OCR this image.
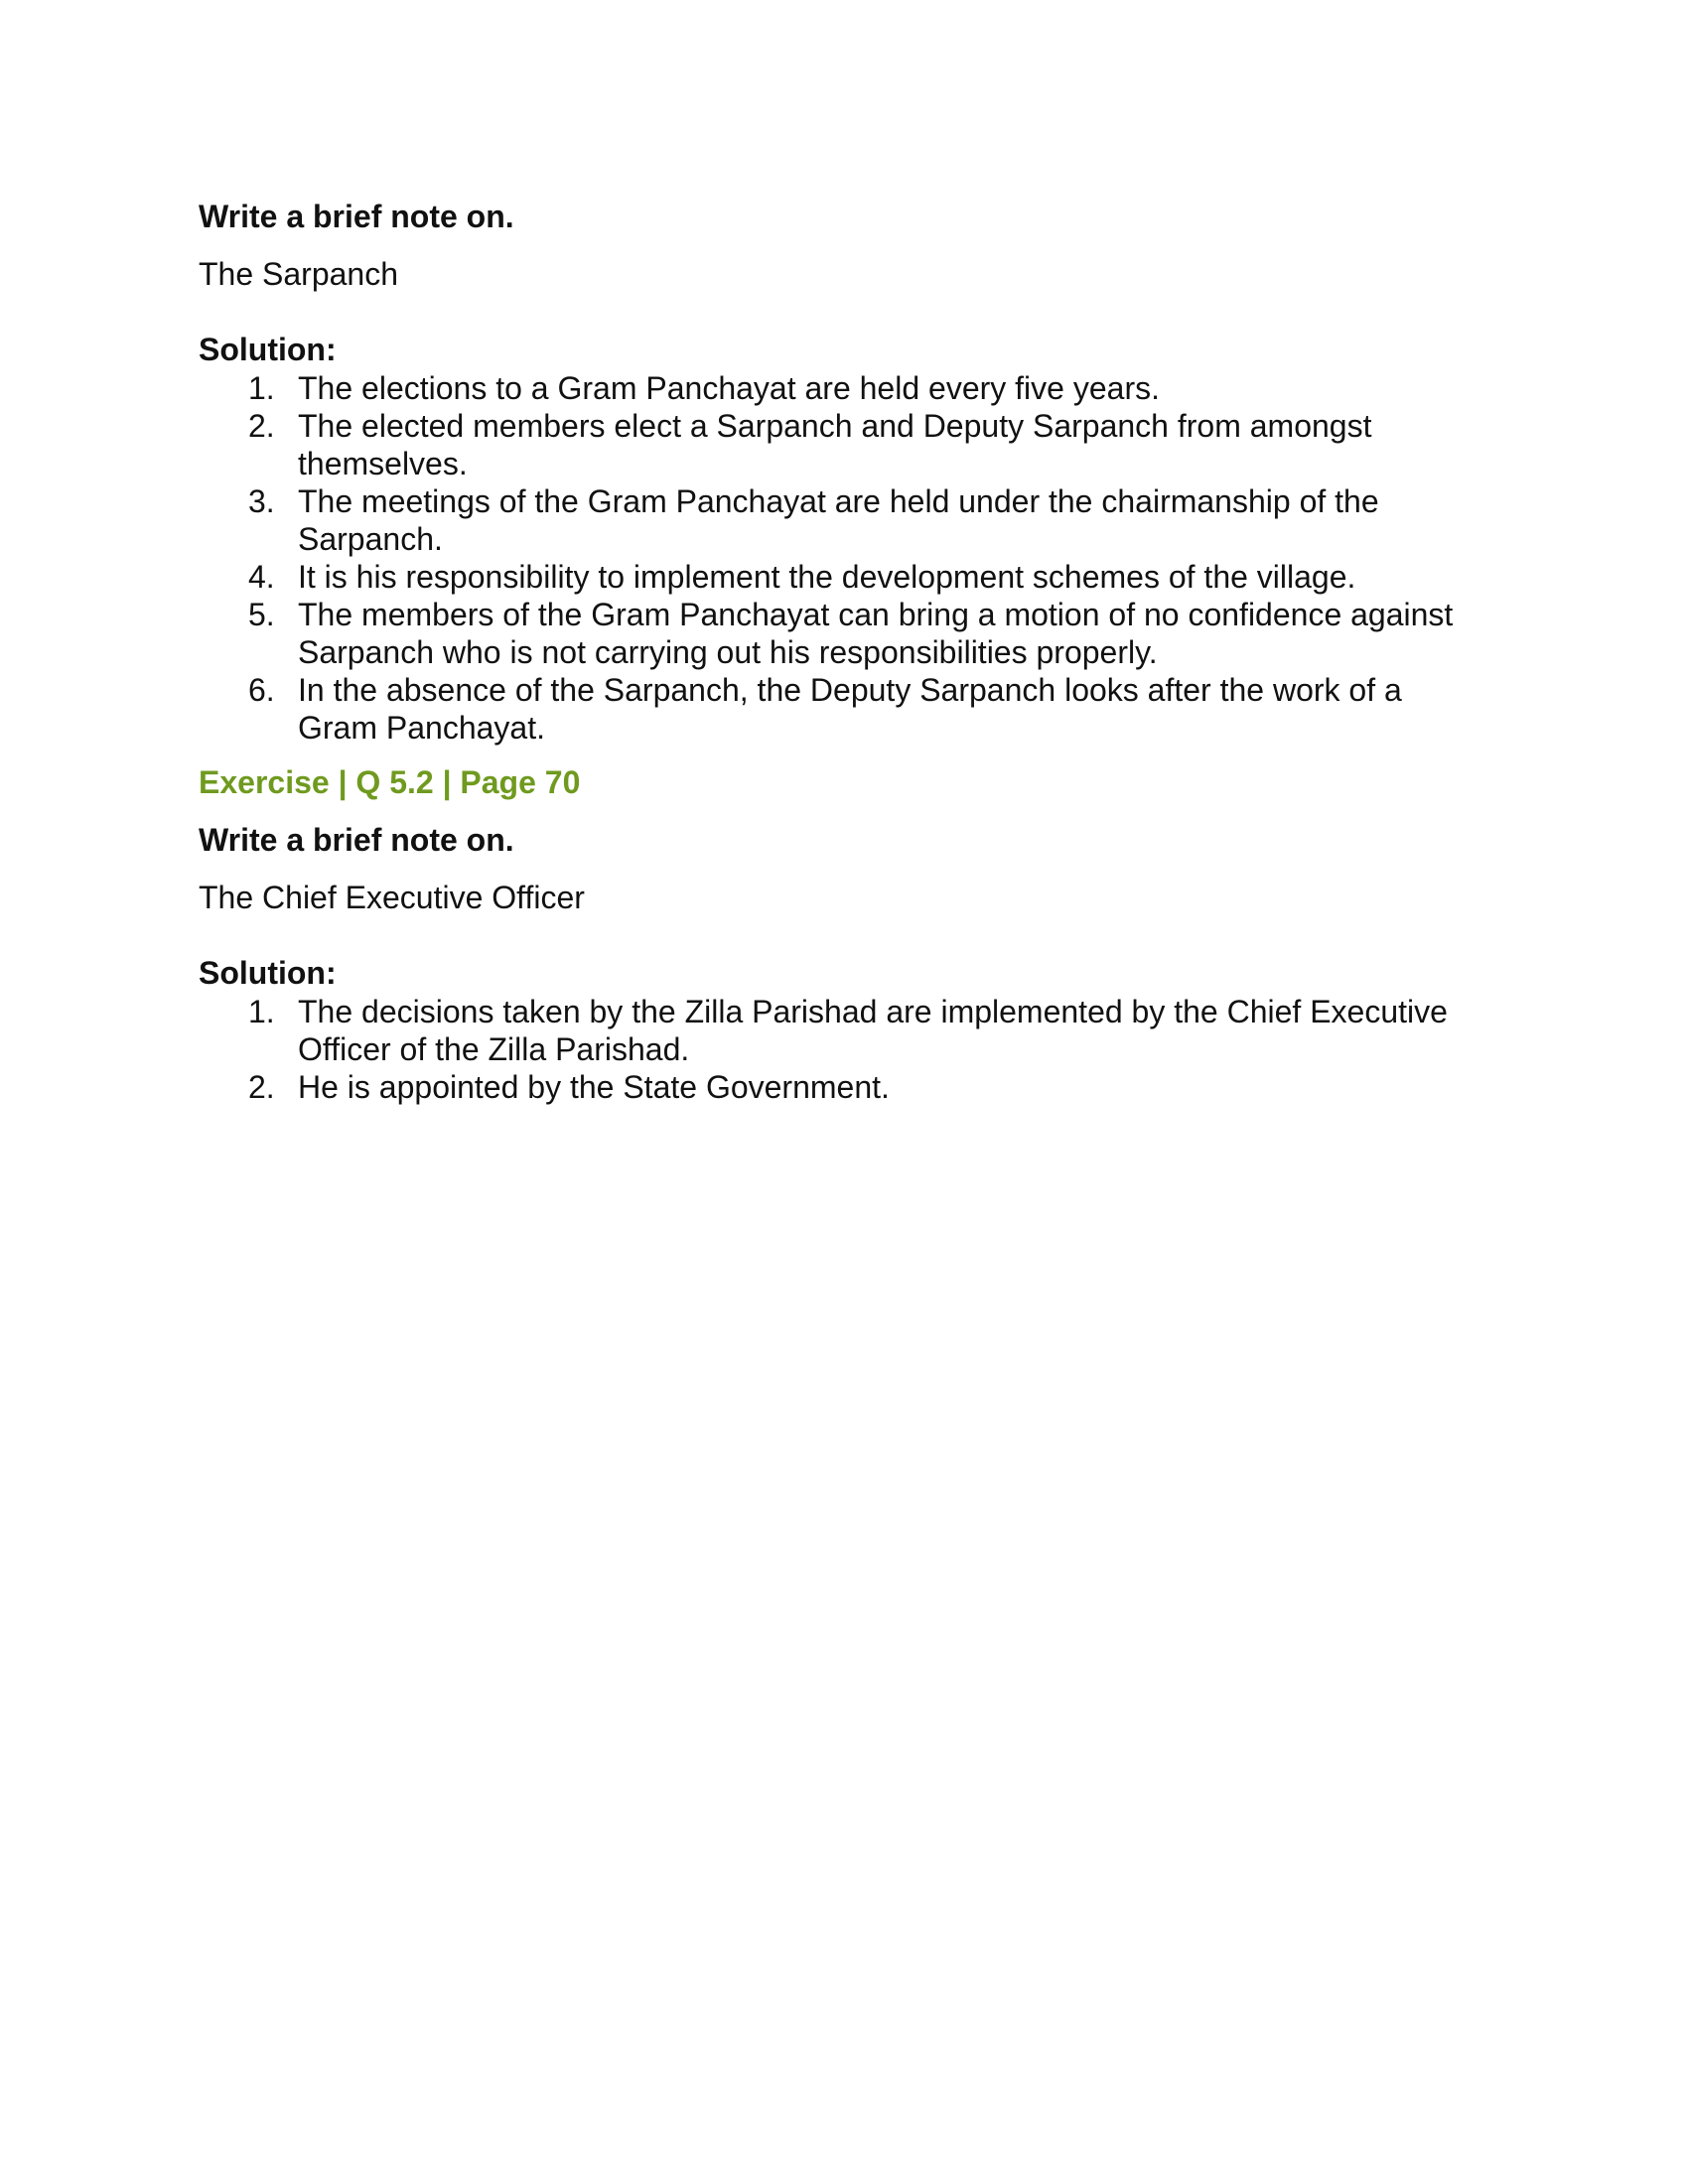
Write a brief note on.

The Sarpanch

Solution:

1. The elections to a Gram Panchayat are held every five years.
2. The elected members elect a Sarpanch and Deputy Sarpanch from amongst themselves.
3. The meetings of the Gram Panchayat are held under the chairmanship of the Sarpanch.
4. It is his responsibility to implement the development schemes of the village.
5. The members of the Gram Panchayat can bring a motion of no confidence against Sarpanch who is not carrying out his responsibilities properly.
6. In the absence of the Sarpanch, the Deputy Sarpanch looks after the work of a Gram Panchayat.

Exercise | Q 5.2 | Page 70

Write a brief note on.

The Chief Executive Officer

Solution:

1. The decisions taken by the Zilla Parishad are implemented by the Chief Executive Officer of the Zilla Parishad.
2. He is appointed by the State Government.
